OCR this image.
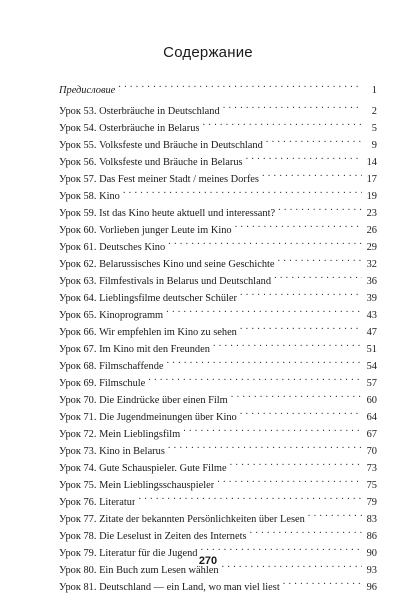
Содержание
Предисловие . . .	1
Урок 53. Osterbräuche in Deutschland . . .	2
Урок 54. Osterbräuche in Belarus . . .	5
Урок 55. Volksfeste und Bräuche in Deutschland . . .	9
Урок 56. Volksfeste und Bräuche in Belarus . . .	14
Урок 57. Das Fest meiner Stadt / meines Dorfes . . .	17
Урок 58. Kino . . .	19
Урок 59. Ist das Kino heute aktuell und interessant? . . .	23
Урок 60. Vorlieben junger Leute im Kino . . .	26
Урок 61. Deutsches Kino . . .	29
Урок 62. Belarussisches Kino und seine Geschichte . . .	32
Урок 63. Filmfestivals in Belarus und Deutschland . . .	36
Урок 64. Lieblingsfilme deutscher Schüler . . .	39
Урок 65. Kinoprogramm . . .	43
Урок 66. Wir empfehlen im Kino zu sehen . . .	47
Урок 67. Im Kino mit den Freunden . . .	51
Урок 68. Filmschaffende . . .	54
Урок 69. Filmschule . . .	57
Урок 70. Die Eindrücke über einen Film . . .	60
Урок 71. Die Jugendmeinungen über Kino . . .	64
Урок 72. Mein Lieblingsfilm . . .	67
Урок 73. Kino in Belarus . . .	70
Урок 74. Gute Schauspieler. Gute Filme . . .	73
Урок 75. Mein Lieblingsschauspieler . . .	75
Урок 76. Literatur . . .	79
Урок 77. Zitate der bekannten Persönlichkeiten über Lesen . . .	83
Урок 78. Die Leselust in Zeiten des Internets . . .	86
Урок 79. Literatur für die Jugend . . .	90
Урок 80. Ein Buch zum Lesen wählen . . .	93
Урок 81. Deutschland — ein Land, wo man viel liest . . .	96
270
